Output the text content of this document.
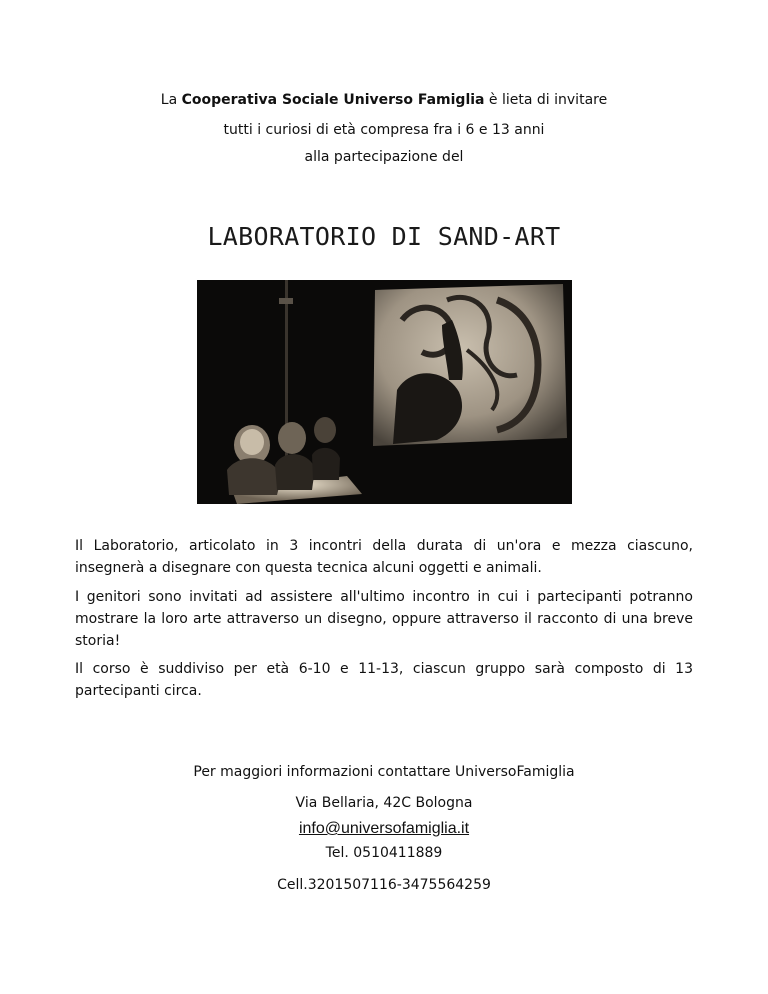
La Cooperativa Sociale Universo Famiglia è lieta di invitare
tutti i curiosi di età compresa fra i 6 e 13 anni
alla partecipazione del
LABORATORIO DI SAND-ART

Il Laboratorio, articolato in 3 incontri della durata di un'ora e mezza ciascuno, insegnerà a disegnare con questa tecnica alcuni oggetti e animali.

I genitori sono invitati ad assistere all'ultimo incontro in cui i partecipanti potranno mostrare la loro arte attraverso un disegno, oppure attraverso il racconto di una breve storia!

Il corso è suddiviso per età 6-10 e 11-13, ciascun gruppo sarà composto di 13 partecipanti circa.

Per maggiori informazioni contattare UniversoFamiglia
Via Bellaria, 42C Bologna
info@universofamiglia.it
Tel. 0510411889
Cell.3201507116-3475564259
